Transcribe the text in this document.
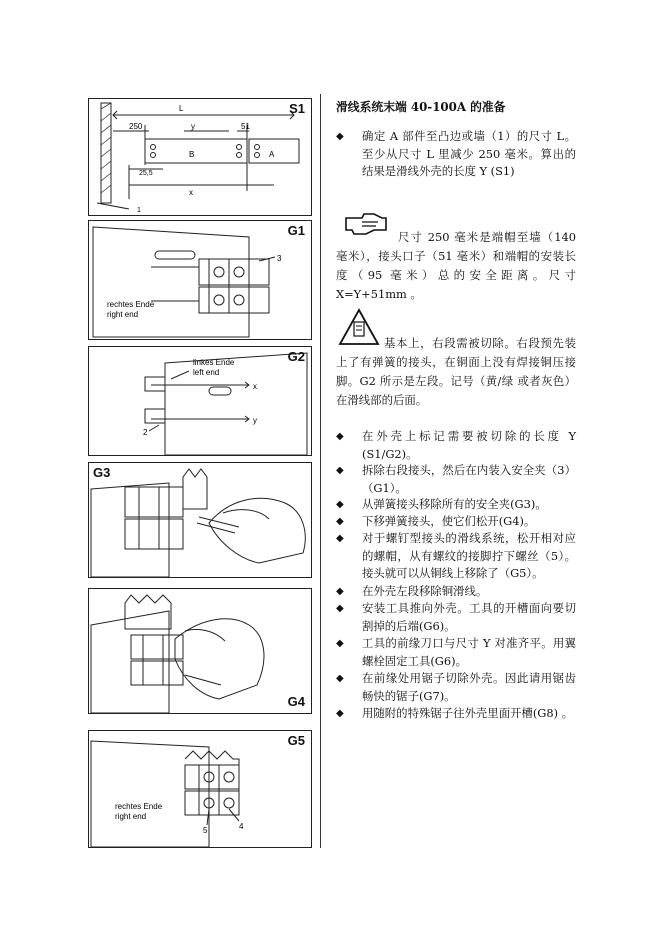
L
250	y	51
B	A
25,5
x
1
S1
3
rechtes Ende
right end
G1
linkes Ende
left end
x
y
2
G2
G3
G4
rechtes Ende
right end
5	4
G5
滑线系统末端 40-100A 的准备
◆ 确定 A 部件至凸边或墙（1）的尺寸 L。至少从尺寸 L 里减少 250 毫米。算出的结果是滑线外壳的长度 Y (S1)
尺寸 250 毫米是端帽至墙（140 毫米），接头口子（51 毫米）和端帽的安装长度（95 毫米）总的安全距离。尺寸 X=Y+51mm 。
基本上，右段需被切除。右段预先装上了有弹簧的接头，在铜面上没有焊接铜压接脚。G2 所示是左段。记号（黄/绿 或者灰色）在滑线部的后面。
◆ 在外壳上标记需要被切除的长度 Y (S1/G2)。
◆ 拆除右段接头，然后在内装入安全夹（3）（G1）。
◆ 从弹簧接头移除所有的安全夹(G3)。
◆ 下移弹簧接头，使它们松开(G4)。
◆ 对于螺钉型接头的滑线系统，松开相对应的螺帽，从有螺纹的接脚拧下螺丝（5）。接头就可以从铜线上移除了（G5）。
◆ 在外壳左段移除铜滑线。
◆ 安装工具推向外壳。工具的开槽面向要切割掉的后端(G6)。
◆ 工具的前缘刀口与尺寸 Y 对准齐平。用翼螺栓固定工具(G6)。
◆ 在前缘处用锯子切除外壳。因此请用锯齿畅快的锯子(G7)。
◆ 用随附的特殊锯子往外壳里面开槽(G8) 。
